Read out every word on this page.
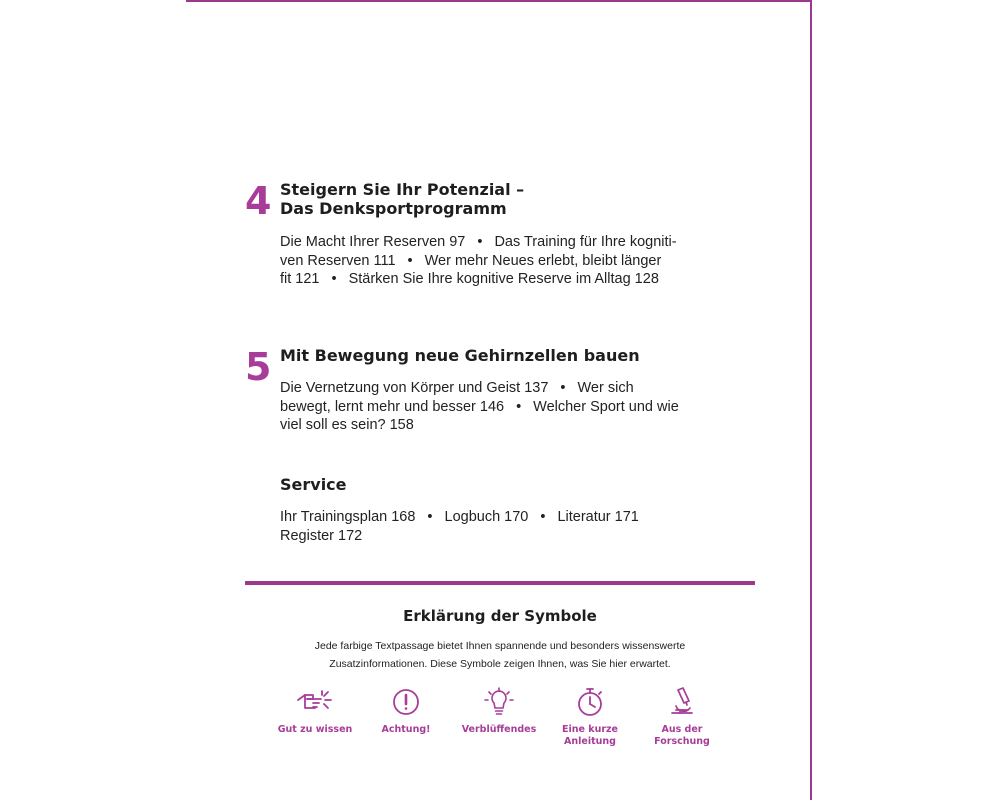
4 Steigern Sie Ihr Potenzial –
Das Denksportprogramm
Die Macht Ihrer Reserven 97 • Das Training für Ihre kogniti-
ven Reserven 111 • Wer mehr Neues erlebt, bleibt länger
fit 121 • Stärken Sie Ihre kognitive Reserve im Alltag 128
5 Mit Bewegung neue Gehirnzellen bauen
Die Vernetzung von Körper und Geist 137 • Wer sich
bewegt, lernt mehr und besser 146 • Welcher Sport und wie
viel soll es sein? 158
Service
Ihr Trainingsplan 168 • Logbuch 170 • Literatur 171
Register 172
Erklärung der Symbole
Jede farbige Textpassage bietet Ihnen spannende und besonders wissenswerte
Zusatzinformationen. Diese Symbole zeigen Ihnen, was Sie hier erwartet.
Gut zu wissen	Achtung!	Verblüffendes	Eine kurze
Anleitung
Aus der
Forschung
